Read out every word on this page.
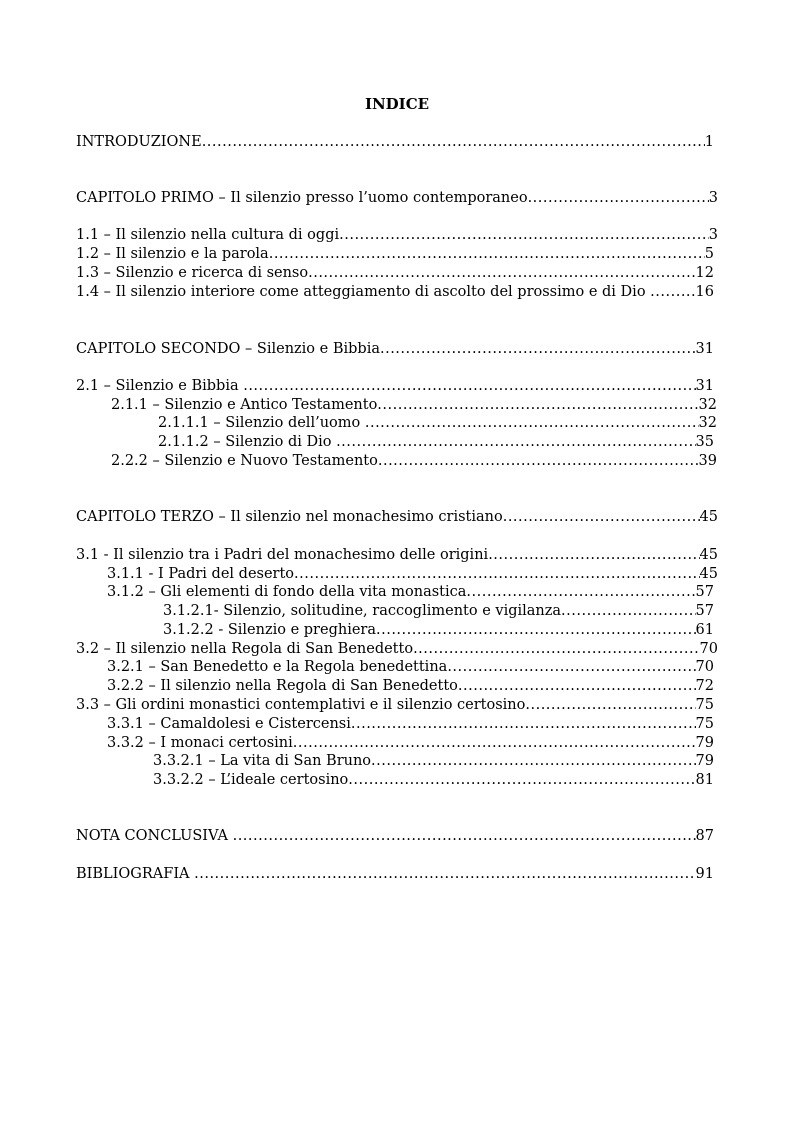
INDICE
INTRODUZIONE .....	1
CAPITOLO PRIMO – Il silenzio presso l’uomo contemporaneo .....	3
1.1 – Il silenzio nella cultura di oggi .....	3
1.2 – Il silenzio e la parola .....	5
1.3 – Silenzio e ricerca di senso .....	12
1.4 – Il silenzio interiore come atteggiamento di ascolto del prossimo e di Dio .....	16
CAPITOLO SECONDO – Silenzio e Bibbia .....	31
2.1 – Silenzio e Bibbia .....	31
2.1.1 – Silenzio e Antico Testamento .....	32
2.1.1.1 – Silenzio dell’uomo .....	32
2.1.1.2 – Silenzio di Dio .....	35
2.2.2 – Silenzio e Nuovo Testamento .....	39
CAPITOLO TERZO – Il silenzio nel monachesimo cristiano .....	45
3.1 - Il silenzio tra i Padri del monachesimo delle origini .....	45
3.1.1 - I Padri del deserto .....	45
3.1.2 – Gli elementi di fondo della vita monastica .....	57
3.1.2.1- Silenzio, solitudine, raccoglimento e vigilanza .....	57
3.1.2.2 - Silenzio e preghiera .....	61
3.2 – Il silenzio nella Regola di San Benedetto .....	70
3.2.1 – San Benedetto e la Regola benedettina .....	70
3.2.2 – Il silenzio nella Regola di San Benedetto .....	72
3.3 – Gli ordini monastici contemplativi e il silenzio certosino .....	75
3.3.1 – Camaldolesi e Cistercensi .....	75
3.3.2 – I monaci certosini .....	79
3.3.2.1 – La vita di San Bruno .....	79
3.3.2.2 – L’ideale certosino .....	81
NOTA CONCLUSIVA .....	87
BIBLIOGRAFIA .....	91
